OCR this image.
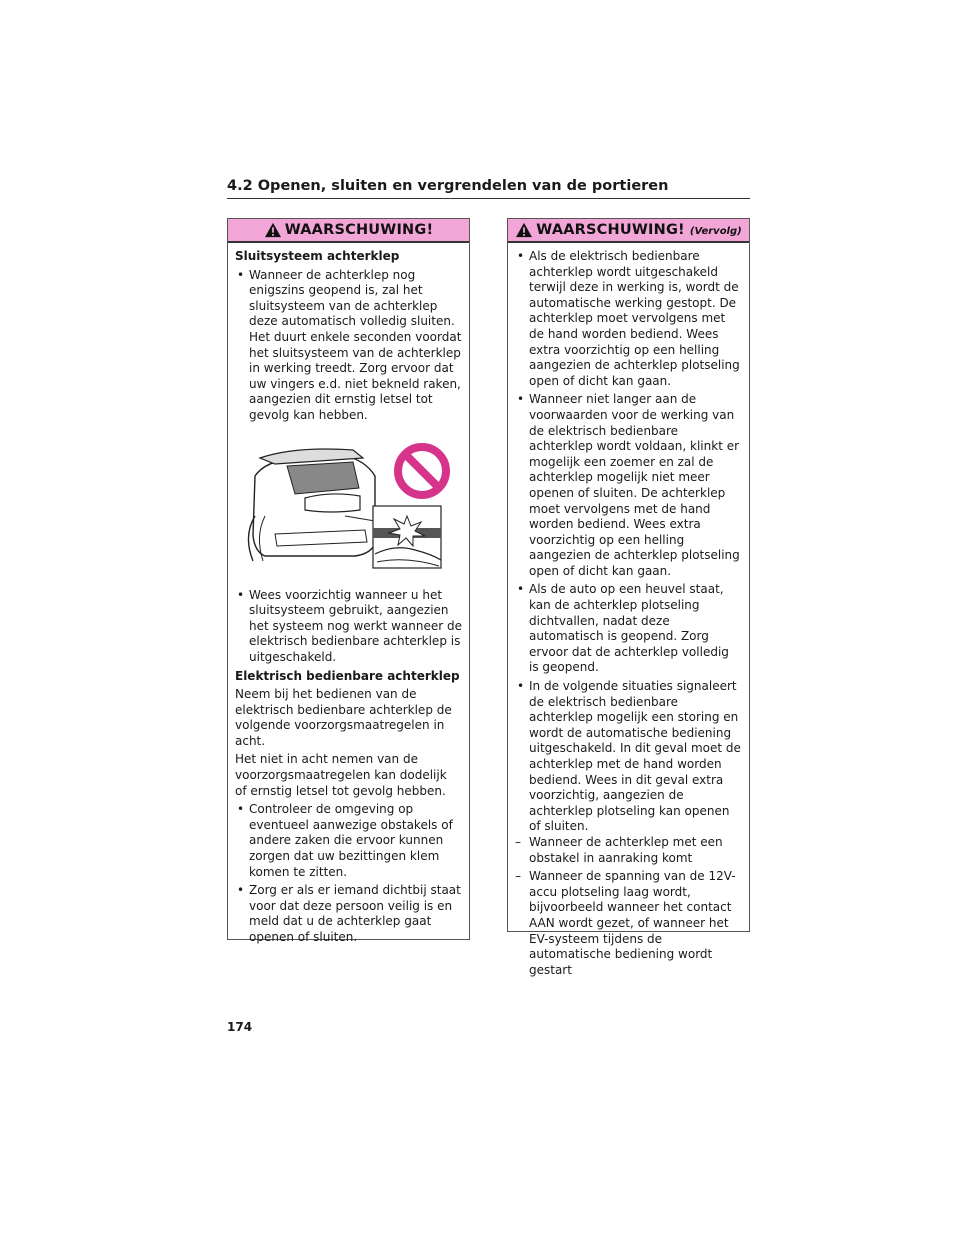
4.2 Openen, sluiten en vergrendelen van de portieren
WAARSCHUWING!

Sluitsysteem achterklep

• Wanneer de achterklep nog enigszins geopend is, zal het sluitsysteem van de achterklep deze automatisch volledig sluiten. Het duurt enkele seconden voordat het sluitsysteem van de achterklep in werking treedt. Zorg ervoor dat uw vingers e.d. niet bekneld raken, aangezien dit ernstig letsel tot gevolg kan hebben.

• Wees voorzichtig wanneer u het sluitsysteem gebruikt, aangezien het systeem nog werkt wanneer de elektrisch bedienbare achterklep is uitgeschakeld.

Elektrisch bedienbare achterklep

Neem bij het bedienen van de elektrisch bedienbare achterklep de volgende voorzorgsmaatregelen in acht.

Het niet in acht nemen van de voorzorgsmaatregelen kan dodelijk of ernstig letsel tot gevolg hebben.

• Controleer de omgeving op eventueel aanwezige obstakels of andere zaken die ervoor kunnen zorgen dat uw bezittingen klem komen te zitten.

• Zorg er als er iemand dichtbij staat voor dat deze persoon veilig is en meld dat u de achterklep gaat openen of sluiten.

WAARSCHUWING! (Vervolg)

• Als de elektrisch bedienbare achterklep wordt uitgeschakeld terwijl deze in werking is, wordt de automatische werking gestopt. De achterklep moet vervolgens met de hand worden bediend. Wees extra voorzichtig op een helling aangezien de achterklep plotseling open of dicht kan gaan.

• Wanneer niet langer aan de voorwaarden voor de werking van de elektrisch bedienbare achterklep wordt voldaan, klinkt er mogelijk een zoemer en zal de achterklep mogelijk niet meer openen of sluiten. De achterklep moet vervolgens met de hand worden bediend. Wees extra voorzichtig op een helling aangezien de achterklep plotseling open of dicht kan gaan.

• Als de auto op een heuvel staat, kan de achterklep plotseling dichtvallen, nadat deze automatisch is geopend. Zorg ervoor dat de achterklep volledig is geopend.

• In de volgende situaties signaleert de elektrisch bedienbare achterklep mogelijk een storing en wordt de automatische bediening uitgeschakeld. In dit geval moet de achterklep met de hand worden bediend. Wees in dit geval extra voorzichtig, aangezien de achterklep plotseling kan openen of sluiten.

– Wanneer de achterklep met een obstakel in aanraking komt

– Wanneer de spanning van de 12V-accu plotseling laag wordt, bijvoorbeeld wanneer het contact AAN wordt gezet, of wanneer het EV-systeem tijdens de automatische bediening wordt gestart

174
